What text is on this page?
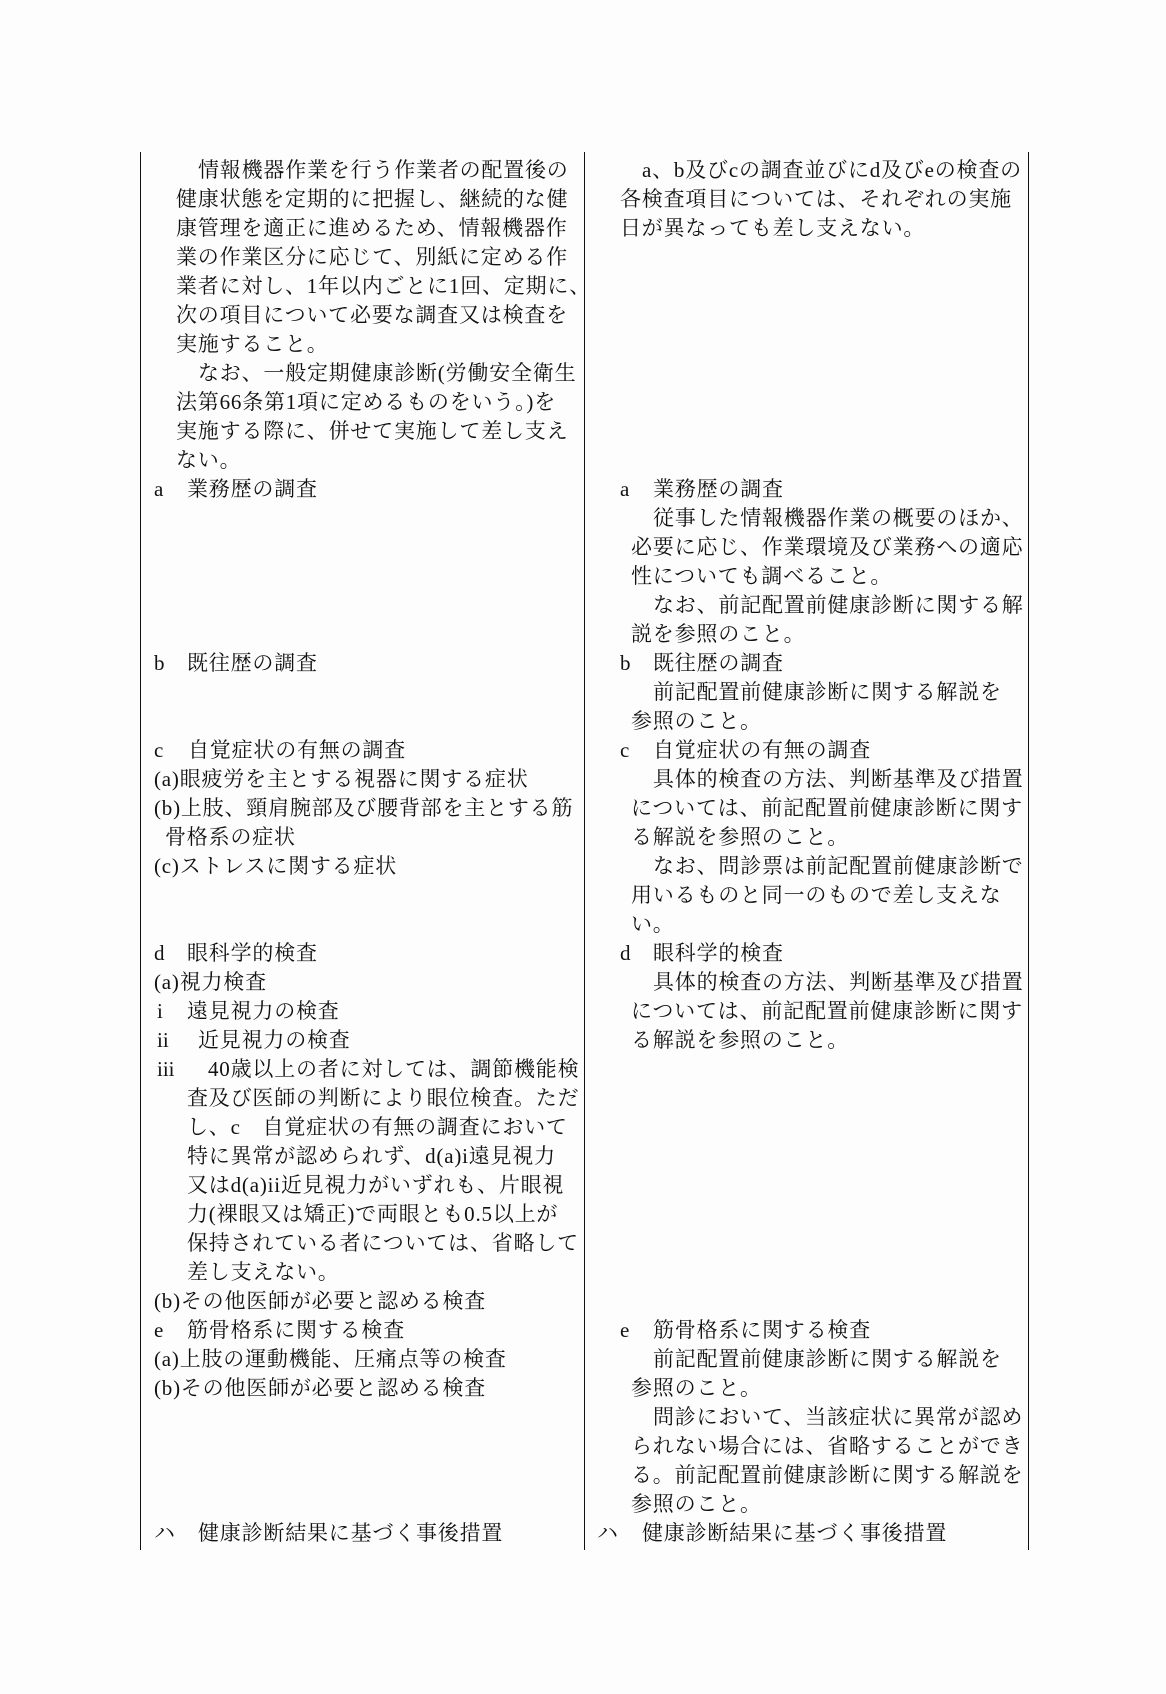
情報機器作業を行う作業者の配置後の
健康状態を定期的に把握し、継続的な健
康管理を適正に進めるため、情報機器作
業の作業区分に応じて、別紙に定める作
業者に対し、1年以内ごとに1回、定期に、
次の項目について必要な調査又は検査を
実施すること。
なお、一般定期健康診断(労働安全衛生
法第66条第1項に定めるものをいう。)を
実施する際に、併せて実施して差し支え
ない。
a 業務歴の調査
b 既往歴の調査
c 自覚症状の有無の調査
(a)眼疲労を主とする視器に関する症状
(b)上肢、頸肩腕部及び腰背部を主とする筋
骨格系の症状
(c)ストレスに関する症状
d 眼科学的検査
(a)視力検査
i 遠見視力の検査
ii 近見視力の検査
iii 40歳以上の者に対しては、調節機能検
査及び医師の判断により眼位検査。ただ
し、c　自覚症状の有無の調査において
特に異常が認められず、d(a)i遠見視力
又はd(a)ii近見視力がいずれも、片眼視
力(裸眼又は矯正)で両眼とも0.5以上が
保持されている者については、省略して
差し支えない。
(b)その他医師が必要と認める検査
e 筋骨格系に関する検査
(a)上肢の運動機能、圧痛点等の検査
(b)その他医師が必要と認める検査
ハ 健康診断結果に基づく事後措置
a、b及びcの調査並びにd及びeの検査の
各検査項目については、それぞれの実施
日が異なっても差し支えない。
a 業務歴の調査
従事した情報機器作業の概要のほか、
必要に応じ、作業環境及び業務への適応
性についても調べること。
なお、前記配置前健康診断に関する解
説を参照のこと。
b 既往歴の調査
前記配置前健康診断に関する解説を
参照のこと。
c 自覚症状の有無の調査
具体的検査の方法、判断基準及び措置
については、前記配置前健康診断に関す
る解説を参照のこと。
なお、問診票は前記配置前健康診断で
用いるものと同一のもので差し支えな
い。
d 眼科学的検査
具体的検査の方法、判断基準及び措置
については、前記配置前健康診断に関す
る解説を参照のこと。
e 筋骨格系に関する検査
前記配置前健康診断に関する解説を
参照のこと。
問診において、当該症状に異常が認め
られない場合には、省略することができ
る。前記配置前健康診断に関する解説を
参照のこと。
ハ 健康診断結果に基づく事後措置
